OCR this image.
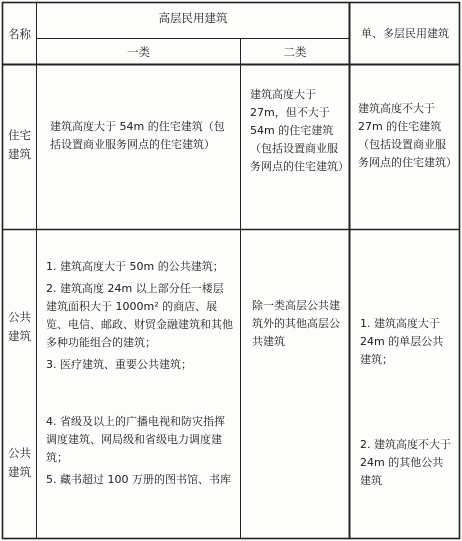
名称
高层民用建筑
一类	二类
单、多层民用建筑
住宅
建筑

建筑高度大于 54m 的住宅建筑（包括设置商业服务网点的住宅建筑）

建筑高度大于 27m，但不大于 54m 的住宅建筑（包括设置商业服务网点的住宅建筑）

建筑高度不大于 27m 的住宅建筑（包括设置商业服务网点的住宅建筑）

公共
建筑
公共
建筑

1. 建筑高度大于 50m 的公共建筑；

2. 建筑高度 24m 以上部分任一楼层建筑面积大于 1000m² 的商店、展览、电信、邮政、财贸金融建筑和其他多种功能组合的建筑；

3. 医疗建筑、重要公共建筑；

4. 省级及以上的广播电视和防灾指挥调度建筑、网局级和省级电力调度建筑；

5. 藏书超过 100 万册的图书馆、书库

除一类高层公共建筑外的其他高层公共建筑

1. 建筑高度大于 24m 的单层公共建筑；

2. 建筑高度不大于 24m 的其他公共建筑
